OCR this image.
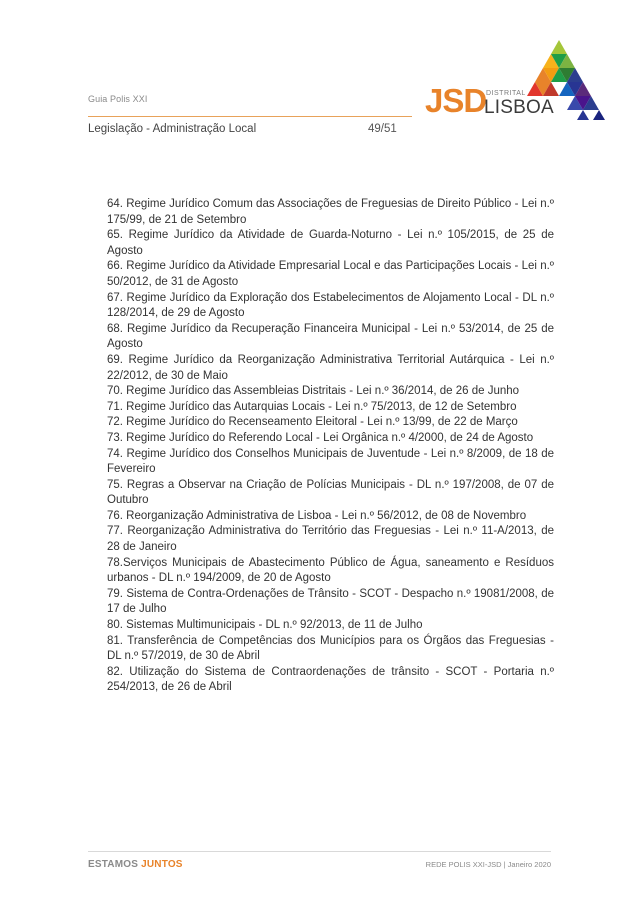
Guia Polis XXI
Legislação - Administração Local	49/51
JSD DISTRITAL
LISBOA

64. Regime Jurídico Comum das Associações de Freguesias de Direito Público - Lei n.º 175/99, de 21 de Setembro

65. Regime Jurídico da Atividade de Guarda-Noturno - Lei n.º 105/2015, de 25 de Agosto

66. Regime Jurídico da Atividade Empresarial Local e das Participações Locais - Lei n.º 50/2012, de 31 de Agosto

67. Regime Jurídico da Exploração dos Estabelecimentos de Alojamento Local - DL n.º 128/2014, de 29 de Agosto

68. Regime Jurídico da Recuperação Financeira Municipal - Lei n.º 53/2014, de 25 de Agosto

69. Regime Jurídico da Reorganização Administrativa Territorial Autárquica - Lei n.º 22/2012, de 30 de Maio

70. Regime Jurídico das Assembleias Distritais - Lei n.º 36/2014, de 26 de Junho

71. Regime Jurídico das Autarquias Locais - Lei n.º 75/2013, de 12 de Setembro

72. Regime Jurídico do Recenseamento Eleitoral - Lei n.º 13/99, de 22 de Março

73. Regime Jurídico do Referendo Local - Lei Orgânica n.º 4/2000, de 24 de Agosto

74. Regime Jurídico dos Conselhos Municipais de Juventude - Lei n.º 8/2009, de 18 de Fevereiro

75. Regras a Observar na Criação de Polícias Municipais - DL n.º 197/2008, de 07 de Outubro

76. Reorganização Administrativa de Lisboa - Lei n.º 56/2012, de 08 de Novembro

77. Reorganização Administrativa do Território das Freguesias - Lei n.º 11-A/2013, de 28 de Janeiro

78.Serviços Municipais de Abastecimento Público de Água, saneamento e Resíduos urbanos - DL n.º 194/2009, de 20 de Agosto

79. Sistema de Contra-Ordenações de Trânsito - SCOT - Despacho n.º 19081/2008, de 17 de Julho

80. Sistemas Multimunicipais - DL n.º 92/2013, de 11 de Julho

81. Transferência de Competências dos Municípios para os Órgãos das Freguesias - DL n.º 57/2019, de 30 de Abril

82. Utilização do Sistema de Contraordenações de trânsito - SCOT - Portaria n.º 254/2013, de 26 de Abril

ESTAMOS JUNTOS	REDE POLIS XXI-JSD | Janeiro 2020
